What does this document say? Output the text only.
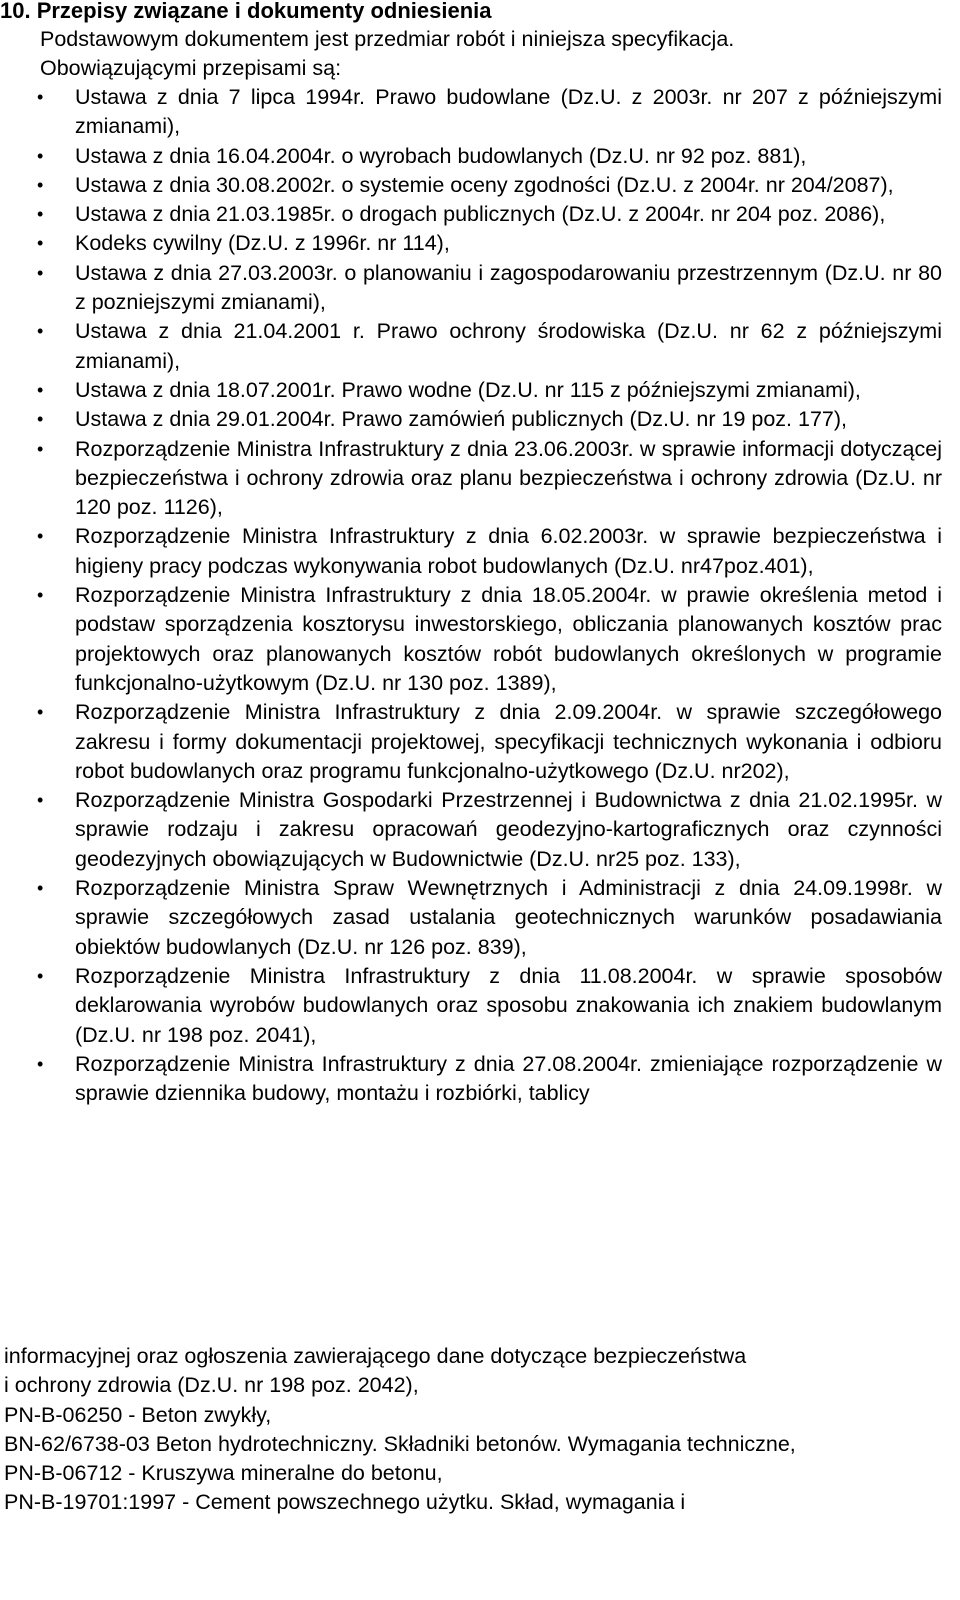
10. Przepisy związane i dokumenty odniesienia

Podstawowym dokumentem jest przedmiar robót i niniejsza specyfikacja.

Obowiązującymi przepisami są:

• Ustawa z dnia 7 lipca 1994r. Prawo budowlane (Dz.U. z 2003r. nr 207 z późniejszymi zmianami),
• Ustawa z dnia 16.04.2004r. o wyrobach budowlanych (Dz.U. nr 92 poz. 881),
• Ustawa z dnia 30.08.2002r. o systemie oceny zgodności (Dz.U. z 2004r. nr 204/2087),
• Ustawa z dnia 21.03.1985r. o drogach publicznych (Dz.U. z 2004r. nr 204 poz. 2086),
• Kodeks cywilny (Dz.U. z 1996r. nr 114),
• Ustawa z dnia 27.03.2003r. o planowaniu i zagospodarowaniu przestrzennym (Dz.U. nr 80 z pozniejszymi zmianami),
• Ustawa z dnia 21.04.2001 r. Prawo ochrony środowiska (Dz.U. nr 62 z późniejszymi zmianami),
• Ustawa z dnia 18.07.2001r. Prawo wodne (Dz.U. nr 115 z późniejszymi zmianami),
• Ustawa z dnia 29.01.2004r. Prawo zamówień publicznych (Dz.U. nr 19 poz. 177),
• Rozporządzenie Ministra Infrastruktury z dnia 23.06.2003r. w sprawie informacji dotyczącej bezpieczeństwa i ochrony zdrowia oraz planu bezpieczeństwa i ochrony zdrowia (Dz.U. nr 120 poz. 1126),
• Rozporządzenie Ministra Infrastruktury z dnia 6.02.2003r. w sprawie bezpieczeństwa i higieny pracy podczas wykonywania robot budowlanych (Dz.U. nr47poz.401),
• Rozporządzenie Ministra Infrastruktury z dnia 18.05.2004r. w prawie określenia metod i podstaw sporządzenia kosztorysu inwestorskiego, obliczania planowanych kosztów prac projektowych oraz planowanych kosztów robót budowlanych określonych w programie funkcjonalno-użytkowym (Dz.U. nr 130 poz. 1389),
• Rozporządzenie Ministra Infrastruktury z dnia 2.09.2004r. w sprawie szczegółowego zakresu i formy dokumentacji projektowej, specyfikacji technicznych wykonania i odbioru robot budowlanych oraz programu funkcjonalno-użytkowego (Dz.U. nr202),
• Rozporządzenie Ministra Gospodarki Przestrzennej i Budownictwa z dnia 21.02.1995r. w sprawie rodzaju i zakresu opracowań geodezyjno-kartograficznych oraz czynności geodezyjnych obowiązujących w Budownictwie (Dz.U. nr25 poz. 133),
• Rozporządzenie Ministra Spraw Wewnętrznych i Administracji z dnia 24.09.1998r. w sprawie szczegółowych zasad ustalania geotechnicznych warunków posadawiania obiektów budowlanych (Dz.U. nr 126 poz. 839),
• Rozporządzenie Ministra Infrastruktury z dnia 11.08.2004r. w sprawie sposobów deklarowania wyrobów budowlanych oraz sposobu znakowania ich znakiem budowlanym (Dz.U. nr 198 poz. 2041),
• Rozporządzenie Ministra Infrastruktury z dnia 27.08.2004r. zmieniające rozporządzenie w sprawie dziennika budowy, montażu i rozbiórki, tablicy

informacyjnej oraz ogłoszenia zawierającego dane dotyczące bezpieczeństwa

i ochrony zdrowia (Dz.U. nr 198 poz. 2042),

PN-B-06250 - Beton zwykły,

BN-62/6738-03 Beton hydrotechniczny. Składniki betonów. Wymagania techniczne,

PN-B-06712 - Kruszywa mineralne do betonu,

PN-B-19701:1997 - Cement powszechnego użytku. Skład, wymagania i
